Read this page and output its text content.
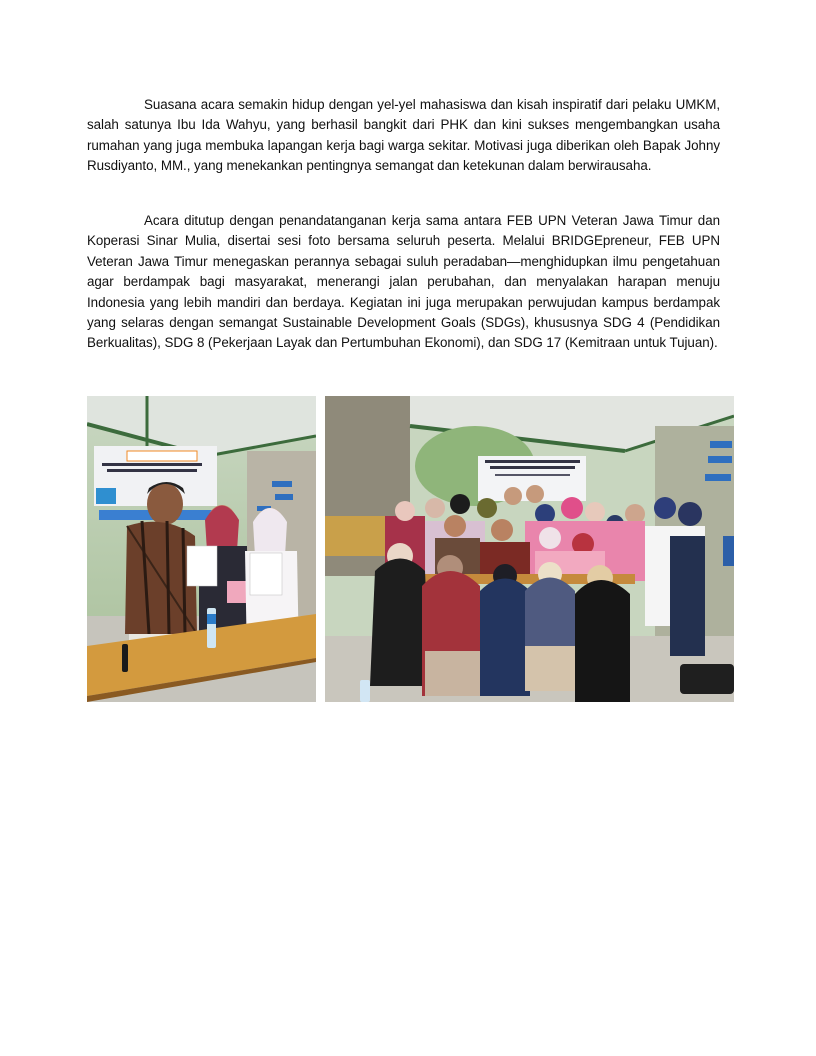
Suasana acara semakin hidup dengan yel-yel mahasiswa dan kisah inspiratif dari pelaku UMKM, salah satunya Ibu Ida Wahyu, yang berhasil bangkit dari PHK dan kini sukses mengembangkan usaha rumahan yang juga membuka lapangan kerja bagi warga sekitar. Motivasi juga diberikan oleh Bapak Johny Rusdiyanto, MM., yang menekankan pentingnya semangat dan ketekunan dalam berwirausaha.

Acara ditutup dengan penandatanganan kerja sama antara FEB UPN Veteran Jawa Timur dan Koperasi Sinar Mulia, disertai sesi foto bersama seluruh peserta. Melalui BRIDGEpreneur, FEB UPN Veteran Jawa Timur menegaskan perannya sebagai suluh peradaban—menghidupkan ilmu pengetahuan agar berdampak bagi masyarakat, menerangi jalan perubahan, dan menyalakan harapan menuju Indonesia yang lebih mandiri dan berdaya. Kegiatan ini juga merupakan perwujudan kampus berdampak yang selaras dengan semangat Sustainable Development Goals (SDGs), khususnya SDG 4 (Pendidikan Berkualitas), SDG 8 (Pekerjaan Layak dan Pertumbuhan Ekonomi), dan SDG 17 (Kemitraan untuk Tujuan).
